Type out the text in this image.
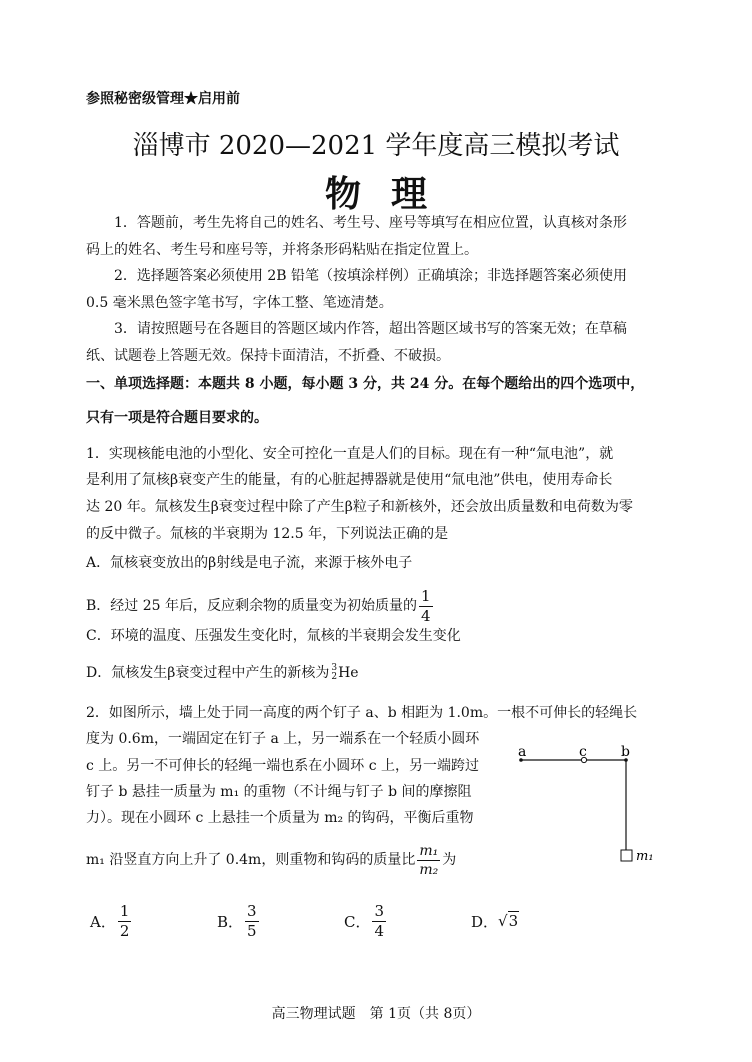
参照秘密级管理★启用前
淄博市 2020—2021 学年度高三模拟考试
物理
1．答题前，考生先将自己的姓名、考生号、座号等填写在相应位置，认真核对条形
码上的姓名、考生号和座号等，并将条形码粘贴在指定位置上。
2．选择题答案必须使用 2B 铅笔（按填涂样例）正确填涂；非选择题答案必须使用
0.5 毫米黑色签字笔书写，字体工整、笔迹清楚。
3．请按照题号在各题目的答题区域内作答，超出答题区域书写的答案无效；在草稿
纸、试题卷上答题无效。保持卡面清洁，不折叠、不破损。
一、单项选择题：本题共 8 小题，每小题 3 分，共 24 分。在每个题给出的四个选项中，
只有一项是符合题目要求的。
1．实现核能电池的小型化、安全可控化一直是人们的目标。现在有一种“氚电池”，就
是利用了氚核β衰变产生的能量，有的心脏起搏器就是使用“氚电池”供电，使用寿命长
达 20 年。氚核发生β衰变过程中除了产生β粒子和新核外，还会放出质量数和电荷数为零
的反中微子。氚核的半衰期为 12.5 年，下列说法正确的是
A．氚核衰变放出的β射线是电子流，来源于核外电子
B．经过 25 年后，反应剩余物的质量变为初始质量的 $\frac{1}{4}$
C．环境的温度、压强发生变化时，氚核的半衰期会发生变化
D．氚核发生β衰变过程中产生的新核为 3
2 He
2．如图所示，墙上处于同一高度的两个钉子 a、b 相距为 1.0m。一根不可伸长的轻绳长
度为 0.6m，一端固定在钉子 a 上，另一端系在一个轻质小圆环
c 上。另一不可伸长的轻绳一端也系在小圆环 c 上，另一端跨过
钉子 b 悬挂一质量为 m₁ 的重物（不计绳与钉子 b 间的摩擦阻
力）。现在小圆环 c 上悬挂一个质量为 m₂ 的钩码，平衡后重物
m₁ 沿竖直方向上升了 0.4m，则重物和钩码的质量比 $\frac{\text{m₁}}{\text{m₂}}$ 为
a	c b
m₁
A． $\frac{1}{2}$	B． $\frac{3}{5}$	C． $\frac{3}{4}$	D． √3
高三物理试题　第 1页（共 8页）
